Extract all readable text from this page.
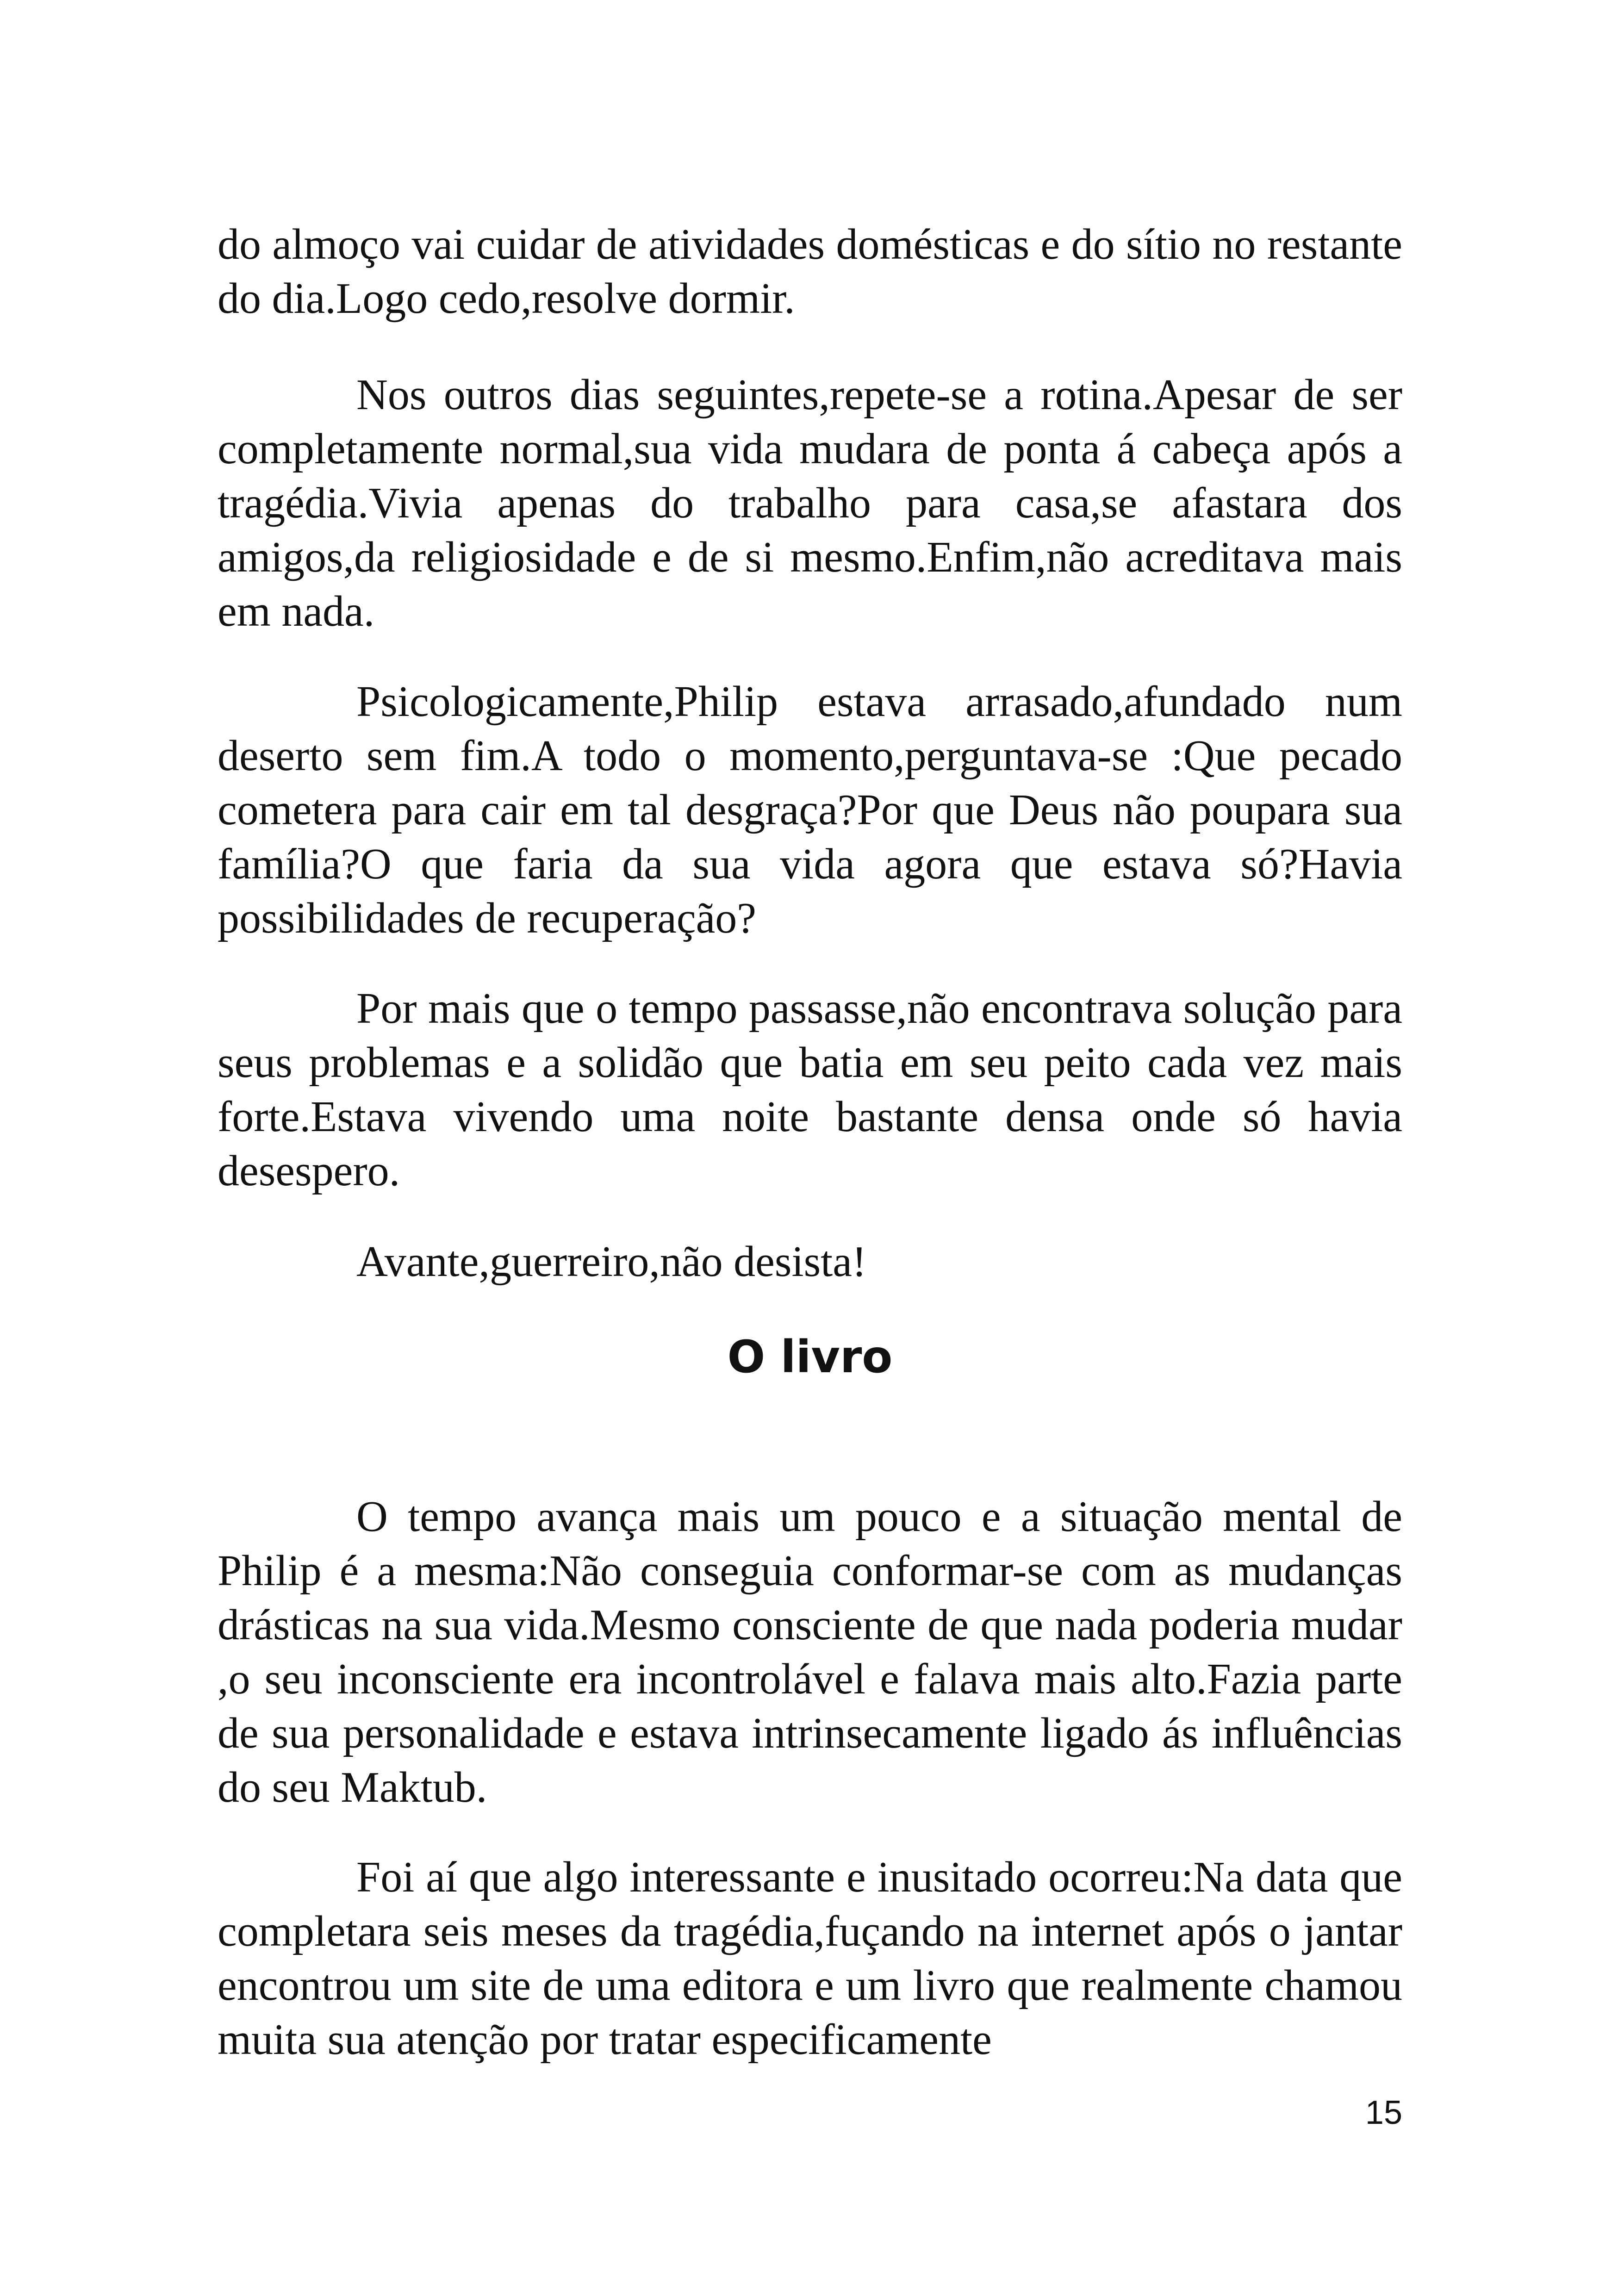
do almoço vai cuidar de atividades domésticas e do sítio no restante do dia.Logo cedo,resolve dormir.

Nos outros dias seguintes,repete-se a rotina.Apesar de ser completamente normal,sua vida mudara de ponta á cabeça após a tragédia.Vivia apenas do trabalho para casa,se afastara dos amigos,da religiosidade e de si mesmo.Enfim,não acreditava mais em nada.

Psicologicamente,Philip estava arrasado,afundado num deserto sem fim.A todo o momento,perguntava-se :Que pecado cometera para cair em tal desgraça?Por que Deus não poupara sua família?O que faria da sua vida agora que estava só?Havia possibilidades de recuperação?

Por mais que o tempo passasse,não encontrava solução para seus problemas e a solidão que batia em seu peito cada vez mais forte.Estava vivendo uma noite bastante densa onde só havia desespero.

Avante,guerreiro,não desista!

O livro

O tempo avança mais um pouco e a situação mental de Philip é a mesma:Não conseguia conformar-se com as mudanças drásticas na sua vida.Mesmo consciente de que nada poderia mudar ,o seu inconsciente era incontrolável e falava mais alto.Fazia parte de sua personalidade e estava intrinsecamente ligado ás influências do seu Maktub.

Foi aí que algo interessante e inusitado ocorreu:Na data que completara seis meses da tragédia,fuçando na internet após o jantar encontrou um site de uma editora e um livro que realmente chamou muita sua atenção por tratar especificamente

15
